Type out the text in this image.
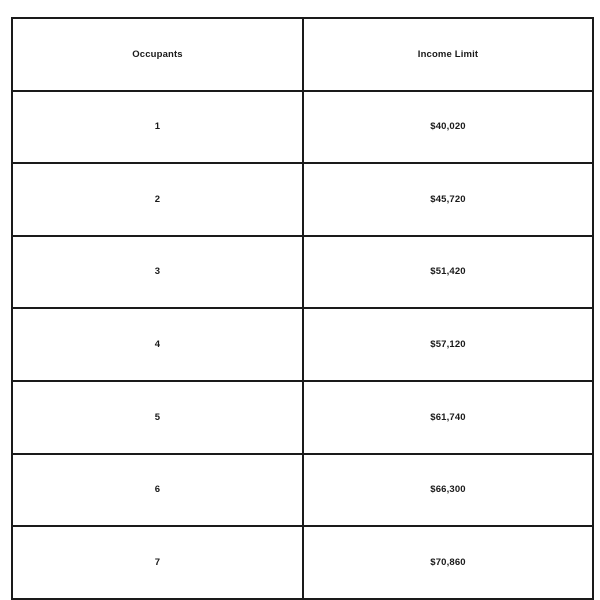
Occupants	Income Limit

1	$40,020

2	$45,720

3	$51,420

4	$57,120

5	$61,740

6	$66,300

7	$70,860
